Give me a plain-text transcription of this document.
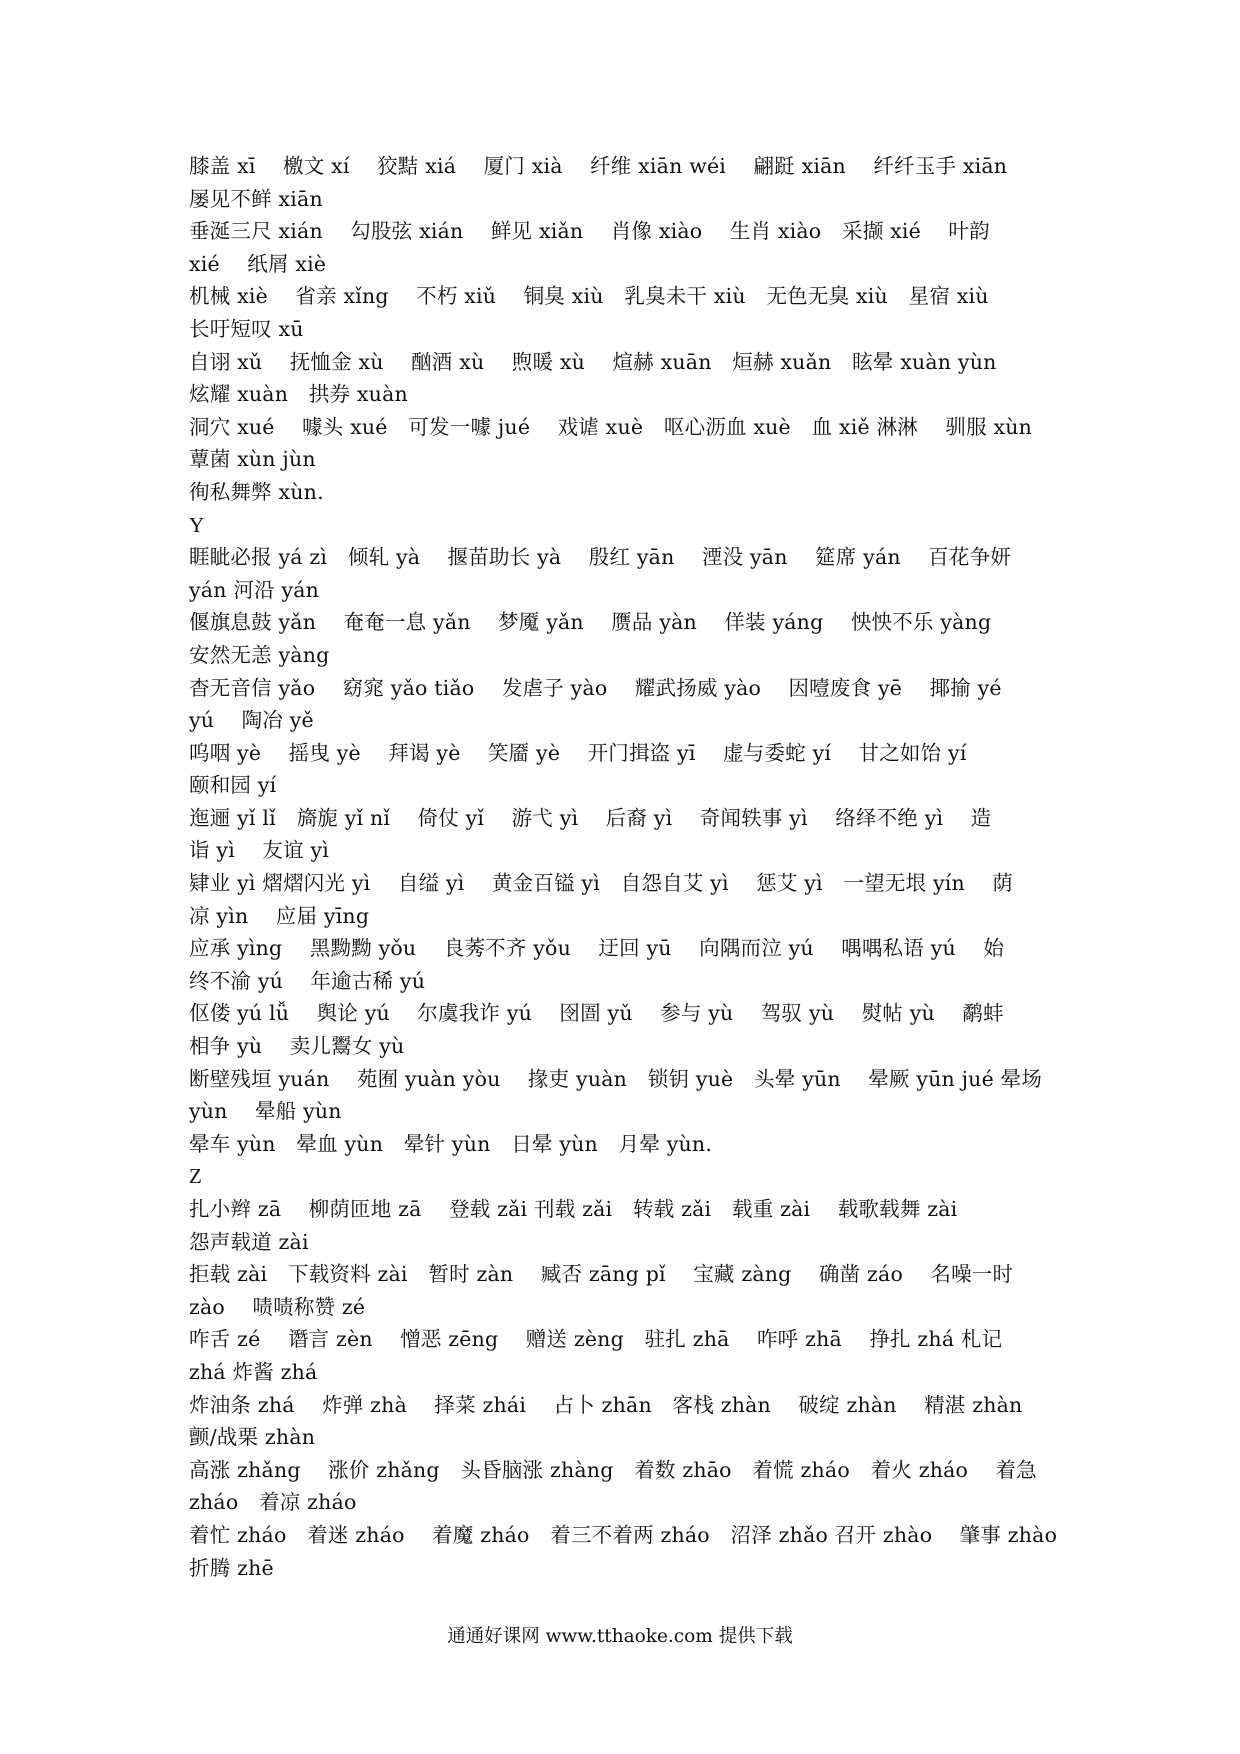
膝盖 xī　 檄文 xí　 狡黠 xiá　 厦门 xià　 纤维 xiān wéi　 翩跹 xiān　 纤纤玉手 xiān
屡见不鲜 xiān
垂涎三尺 xián　 勾股弦 xián　 鲜见 xiǎn　 肖像 xiào　 生肖 xiào　采撷 xié　 叶韵
xié　 纸屑 xiè
机械 xiè　 省亲 xǐng　 不朽 xiǔ　 铜臭 xiù　乳臭未干 xiù　无色无臭 xiù　星宿 xiù
长吁短叹 xū
自诩 xǔ　 抚恤金 xù　 酗酒 xù　 煦暖 xù　 煊赫 xuān　烜赫 xuǎn　眩晕 xuàn yùn
炫耀 xuàn　拱券 xuàn
洞穴 xué　 噱头 xué　可发一噱 jué　 戏谑 xuè　呕心沥血 xuè　血 xiě 淋淋　 驯服 xùn
蕈菌 xùn jùn
徇私舞弊 xùn.
Y
睚眦必报 yá zì　倾轧 yà　 揠苗助长 yà　 殷红 yān　 湮没 yān　 筵席 yán　 百花争妍
yán 河沿 yán
偃旗息鼓 yǎn　 奄奄一息 yǎn　 梦魇 yǎn　 赝品 yàn　 佯装 yáng　 怏怏不乐 yàng
安然无恙 yàng
杳无音信 yǎo　 窈窕 yǎo tiǎo　 发虐子 yào　 耀武扬威 yào　 因噎废食 yē　 揶揄 yé
yú　 陶冶 yě
呜咽 yè　 摇曳 yè　 拜谒 yè　 笑靥 yè　 开门揖盗 yī　 虚与委蛇 yí　 甘之如饴 yí
颐和园 yí
迤逦 yǐ lǐ　旖旎 yǐ nǐ　 倚仗 yǐ　 游弋 yì　 后裔 yì　 奇闻轶事 yì　 络绎不绝 yì　 造
诣 yì　 友谊 yì
肄业 yì 熠熠闪光 yì　 自缢 yì　 黄金百镒 yì　自怨自艾 yì　 惩艾 yì　一望无垠 yín　 荫
凉 yìn　 应届 yīng
应承 yìng　 黑黝黝 yǒu　 良莠不齐 yǒu　 迂回 yū　 向隅而泣 yú　 喁喁私语 yú　 始
终不渝 yú　 年逾古稀 yú
伛偻 yú lǚ　 舆论 yú　 尔虞我诈 yú　 囹圄 yǔ　 参与 yù　 驾驭 yù　 熨帖 yù　 鹬蚌
相争 yù　 卖儿鬻女 yù
断壁残垣 yuán　 苑囿 yuàn yòu　 掾吏 yuàn　锁钥 yuè　头晕 yūn　 晕厥 yūn jué 晕场
yùn　 晕船 yùn
晕车 yùn　晕血 yùn　晕针 yùn　日晕 yùn　月晕 yùn.
Z
扎小辫 zā　 柳荫匝地 zā　 登载 zǎi 刊载 zǎi　转载 zǎi　载重 zài　 载歌载舞 zài
怨声载道 zài
拒载 zài　下载资料 zài　暂时 zàn　 臧否 zāng pǐ　 宝藏 zàng　 确凿 záo　 名噪一时
zào　 啧啧称赞 zé
咋舌 zé　 谮言 zèn　 憎恶 zēng　 赠送 zèng　驻扎 zhā　 咋呼 zhā　 挣扎 zhá 札记
zhá 炸酱 zhá
炸油条 zhá　 炸弹 zhà　 择菜 zhái　 占卜 zhān　客栈 zhàn　 破绽 zhàn　 精湛 zhàn
颤/战栗 zhàn
高涨 zhǎng　 涨价 zhǎng　头昏脑涨 zhàng　着数 zhāo　着慌 zháo　着火 zháo　 着急
zháo　着凉 zháo
着忙 zháo　着迷 zháo　 着魔 zháo　着三不着两 zháo　沼泽 zhǎo 召开 zhào　 肇事 zhào
折腾 zhē
通通好课网 www.tthaoke.com 提供下载
